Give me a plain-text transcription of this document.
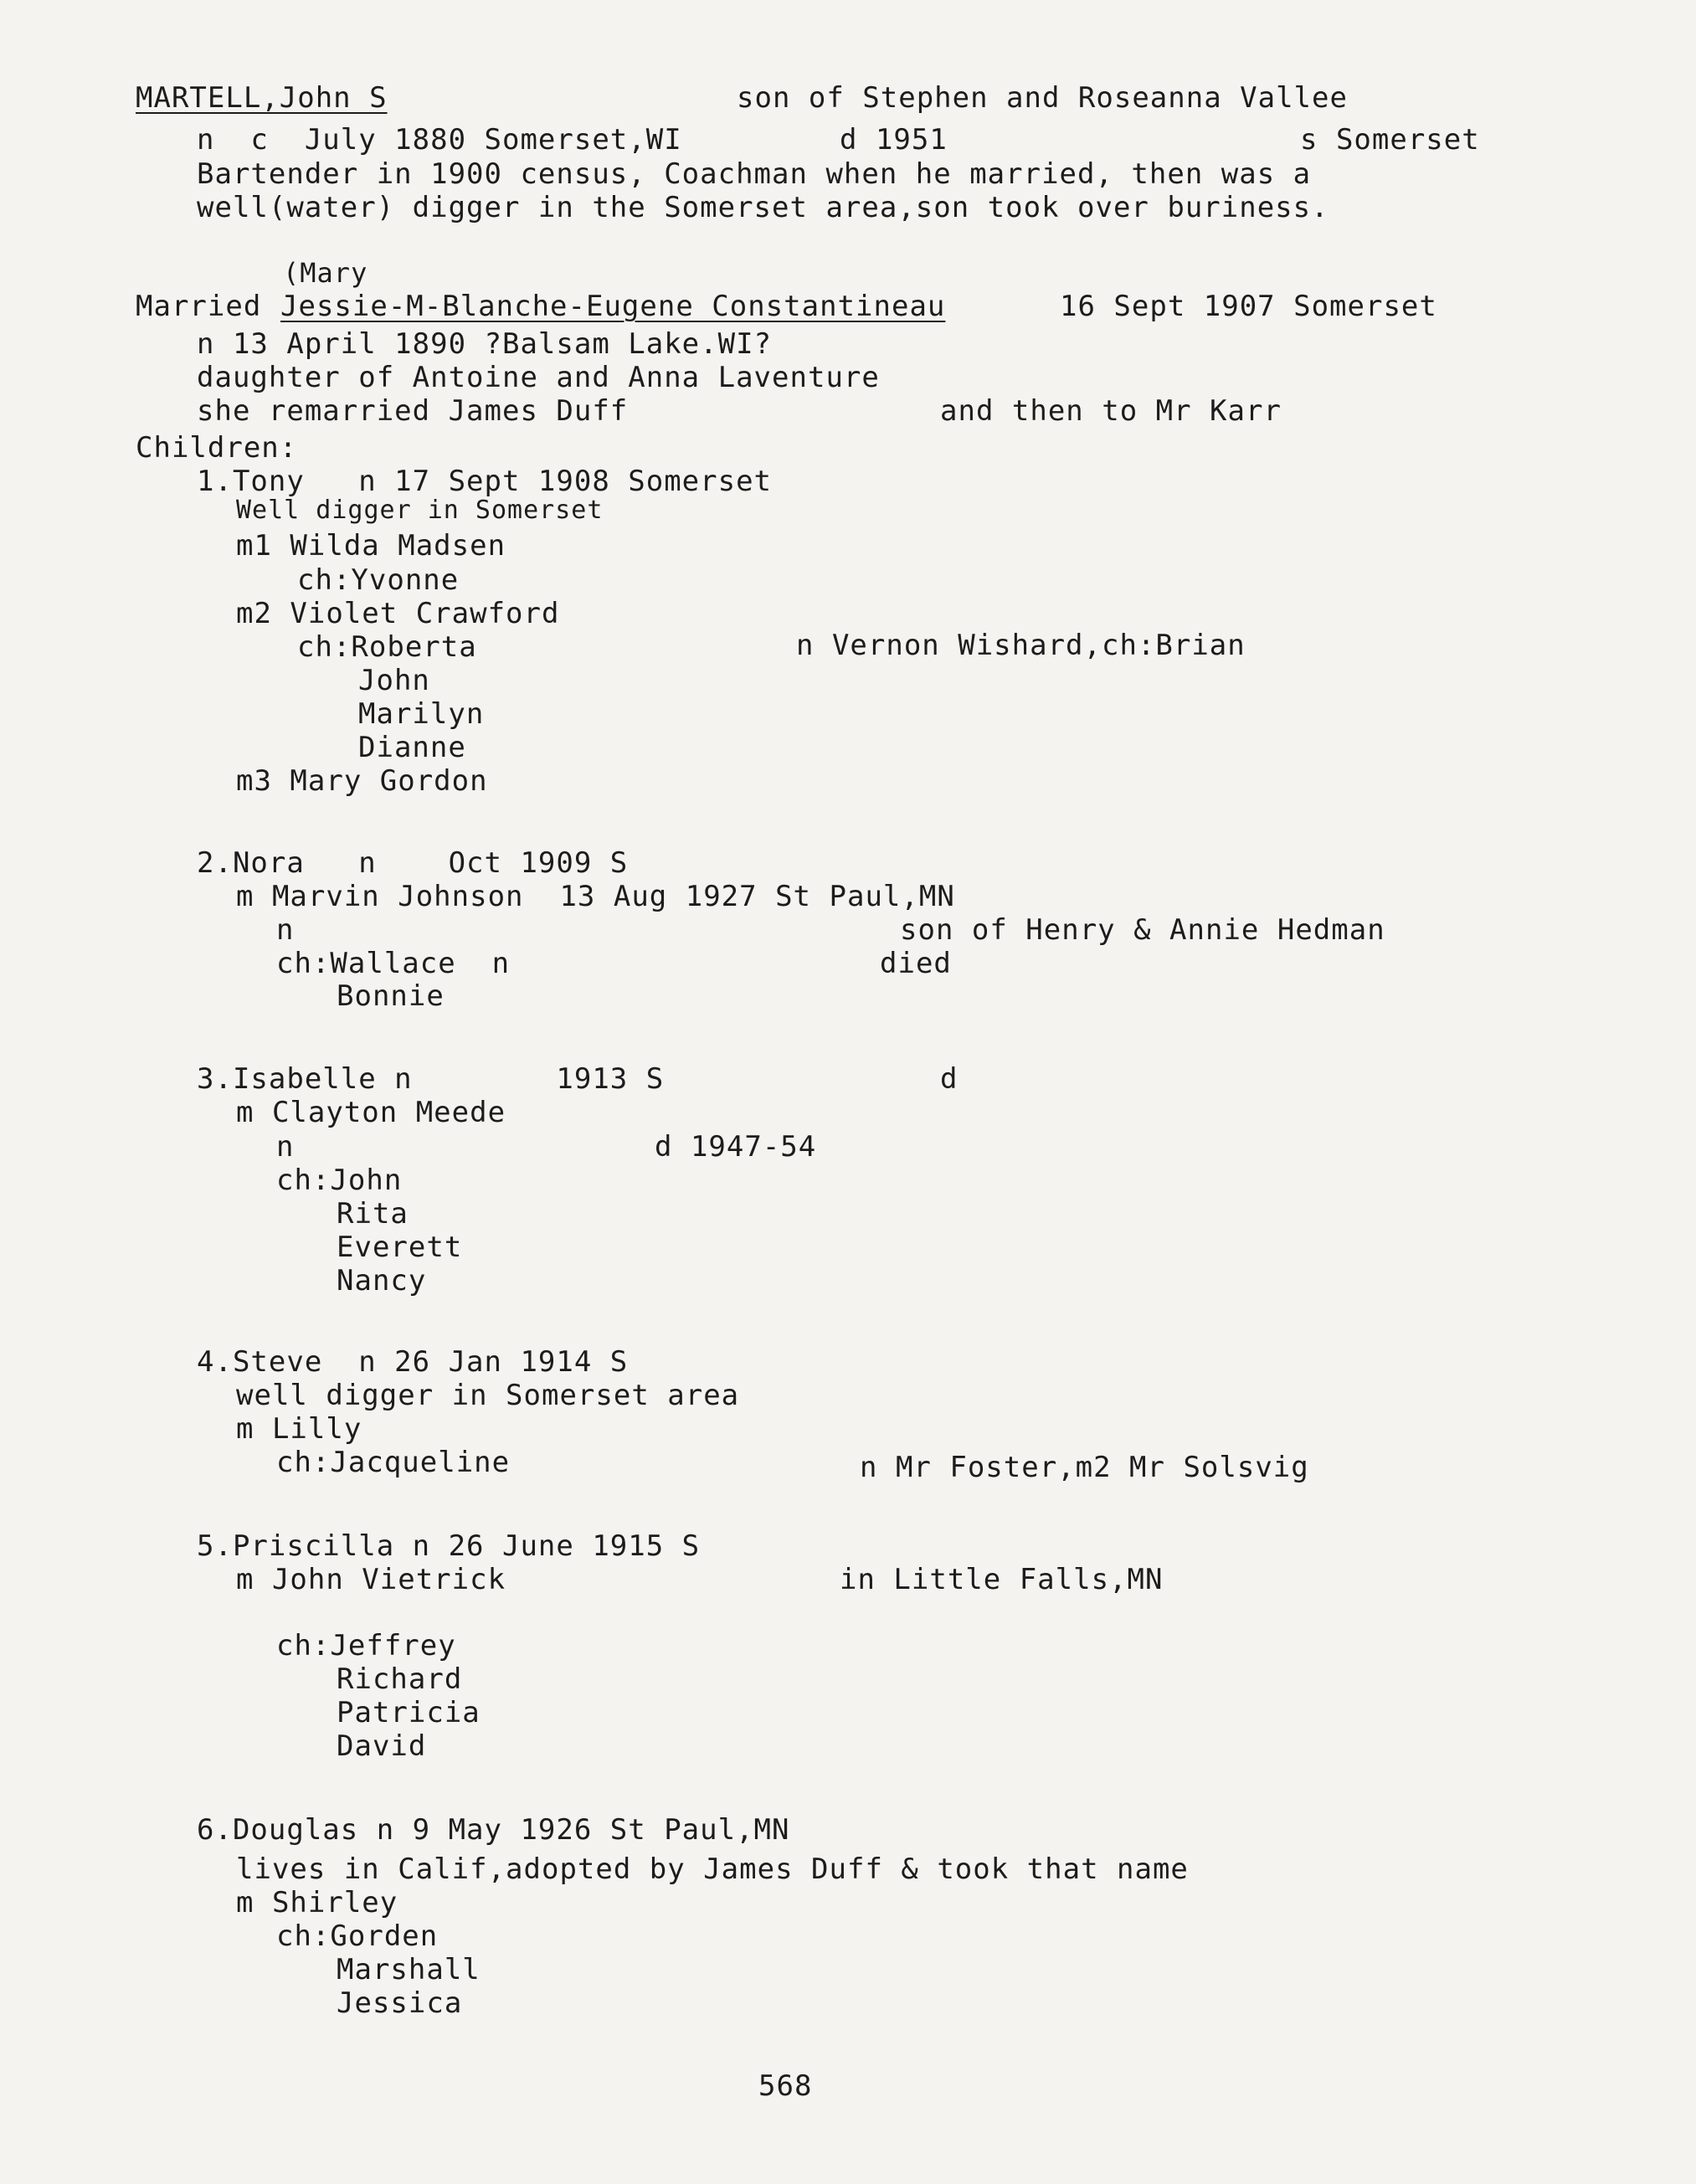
MARTELL,John S	son of Stephen and Roseanna Vallee
n  c  July 1880 Somerset,WI	d 1951	s Somerset
Bartender in 1900 census, Coachman when he married, then was a
well(water) digger in the Somerset area,son took over buriness.
(Mary
Married Jessie-M-Blanche-Eugene Constantineau	16 Sept 1907 Somerset
n 13 April 1890 ?Balsam Lake.WI?
daughter of Antoine and Anna Laventure
she remarried James Duff	and then to Mr Karr
Children:
1.Tony   n 17 Sept 1908 Somerset
Well digger in Somerset
m1 Wilda Madsen
ch:Yvonne
m2 Violet Crawford
ch:Roberta	n Vernon Wishard,ch:Brian
John
Marilyn
Dianne
m3 Mary Gordon
2.Nora   n    Oct 1909 S
m Marvin Johnson  13 Aug 1927 St Paul,MN
n	son of Henry & Annie Hedman
ch:Wallace  n	died
Bonnie
3.Isabelle n        1913 S	d
m Clayton Meede
n	d 1947-54
ch:John
Rita
Everett
Nancy
4.Steve  n 26 Jan 1914 S
well digger in Somerset area
m Lilly
ch:Jacqueline	n Mr Foster,m2 Mr Solsvig
5.Priscilla n 26 June 1915 S
m John Vietrick	in Little Falls,MN
ch:Jeffrey
Richard
Patricia
David
6.Douglas n 9 May 1926 St Paul,MN
lives in Calif,adopted by James Duff & took that name
m Shirley
ch:Gorden
Marshall
Jessica
568
